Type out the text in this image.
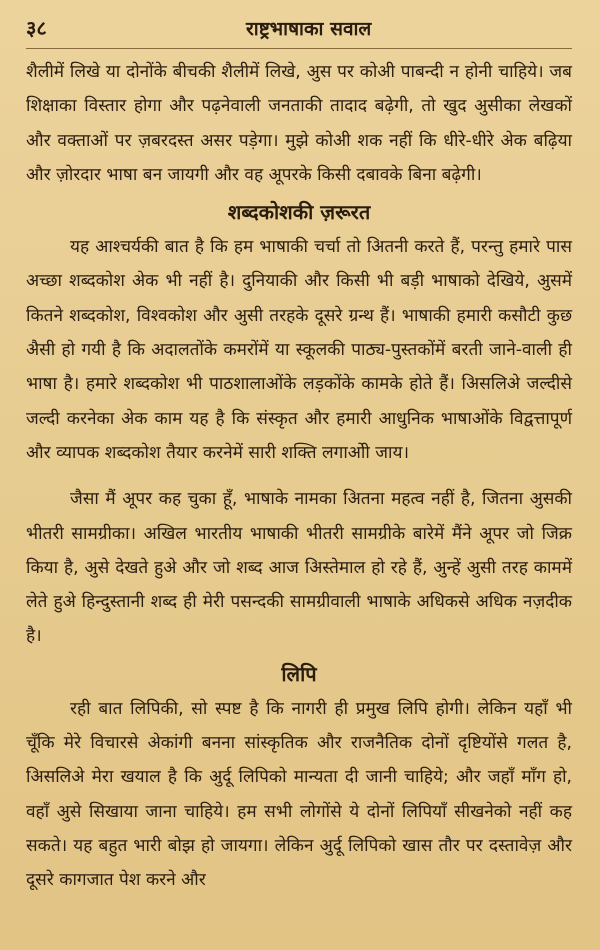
३८	राष्ट्रभाषाका सवाल

शैलीमें लिखे या दोनोंके बीचकी शैलीमें लिखे, अुस पर कोअी पाबन्दी न होनी चाहिये। जब शिक्षाका विस्तार होगा और पढ़नेवाली जनताकी तादाद बढ़ेगी, तो खुद अुसीका लेखकों और वक्ताओं पर ज़बरदस्त असर पड़ेगा। मुझे कोअी शक नहीं कि धीरे-धीरे अेक बढ़िया और ज़ोरदार भाषा बन जायगी और वह अूपरके किसी दबावके बिना बढ़ेगी।

शब्दकोशकी ज़रूरत

यह आश्चर्यकी बात है कि हम भाषाकी चर्चा तो अितनी करते हैं, परन्तु हमारे पास अच्छा शब्दकोश अेक भी नहीं है। दुनियाकी और किसी भी बड़ी भाषाको देखिये, अुसमें कितने शब्दकोश, विश्वकोश और अुसी तरहके दूसरे ग्रन्थ हैं। भाषाकी हमारी कसौटी कुछ अैसी हो गयी है कि अदालतोंके कमरोंमें या स्कूलकी पाठ्य-पुस्तकोंमें बरती जाने-वाली ही भाषा है। हमारे शब्दकोश भी पाठशालाओंके लड़कोंके कामके होते हैं। अिसलिअे जल्दीसे जल्दी करनेका अेक काम यह है कि संस्कृत और हमारी आधुनिक भाषाओंके विद्वत्तापूर्ण और व्यापक शब्दकोश तैयार करनेमें सारी शक्ति लगाओी जाय।

जैसा मैं अूपर कह चुका हूँ, भाषाके नामका अितना महत्व नहीं है, जितना अुसकी भीतरी सामग्रीका। अखिल भारतीय भाषाकी भीतरी सामग्रीके बारेमें मैंने अूपर जो जिक्र किया है, अुसे देखते हुअे और जो शब्द आज अिस्तेमाल हो रहे हैं, अुन्हें अुसी तरह काममें लेते हुअे हिन्दुस्तानी शब्द ही मेरी पसन्दकी सामग्रीवाली भाषाके अधिकसे अधिक नज़दीक है।

लिपि

रही बात लिपिकी, सो स्पष्ट है कि नागरी ही प्रमुख लिपि होगी। लेकिन यहाँ भी चूँकि मेरे विचारसे अेकांगी बनना सांस्कृतिक और राजनैतिक दोनों दृष्टियोंसे गलत है, अिसलिअे मेरा खयाल है कि अुर्दू लिपिको मान्यता दी जानी चाहिये; और जहाँ माँग हो, वहाँ अुसे सिखाया जाना चाहिये। हम सभी लोगोंसे ये दोनों लिपियाँ सीखनेको नहीं कह सकते। यह बहुत भारी बोझ हो जायगा। लेकिन अुर्दू लिपिको खास तौर पर दस्तावेज़ और दूसरे कागजात पेश करने और
